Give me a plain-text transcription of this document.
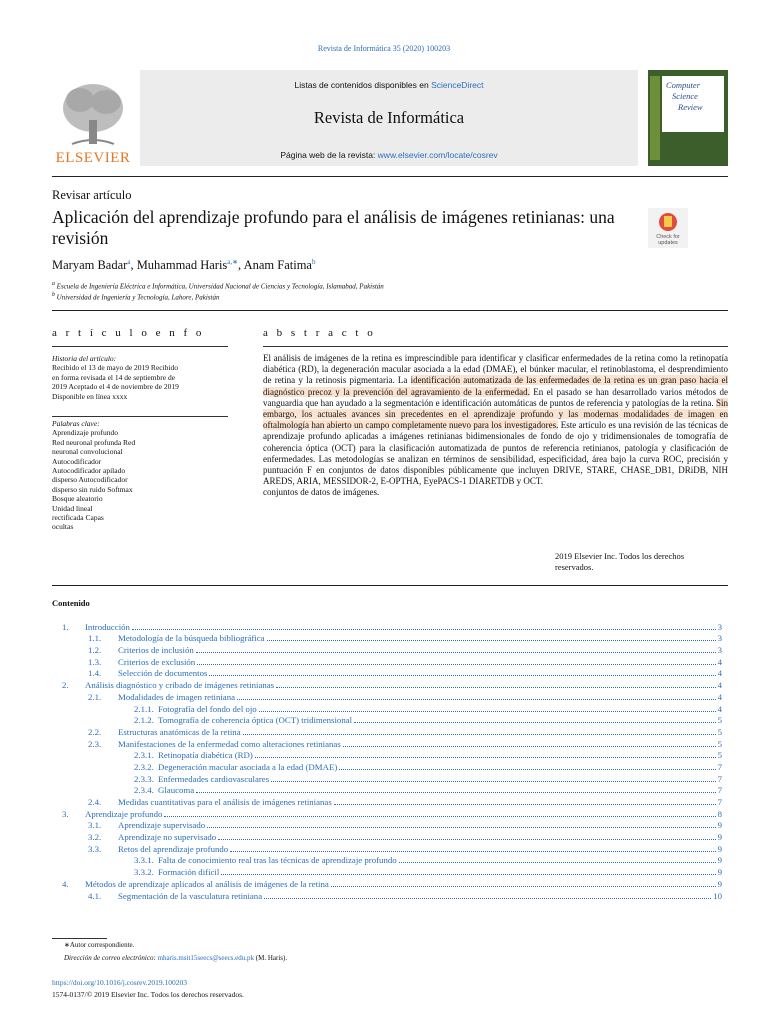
Revista de Informática 35 (2020) 100203
Listas de contenidos disponibles en ScienceDirect
Revista de Informática
Página web de la revista: www.elsevier.com/locate/cosrev
ELSEVIER
Computer
Science
Review
Revisar artículo
Aplicación del aprendizaje profundo para el análisis de imágenes retinianas: una revisión	Check for
updates
Maryam Badar$^a$, Muhammad Haris$^{a,∗}$, Anam Fatima$^b$
$^a$ Escuela de Ingeniería Eléctrica e Informática, Universidad Nacional de Ciencias y Tecnología, Islamabad, Pakistán
$^b$ Universidad de Ingeniería y Tecnología, Lahore, Pakistán
a r t í c u l o e n f o	a b s t r a c t o
Historia del artículo:
Recibido el 13 de mayo de 2019 Recibido
en forma revisada el 14 de septiembre de
2019 Aceptado el 4 de noviembre de 2019
Disponible en línea xxxx
Palabras clave:
Aprendizaje profundo
Red neuronal profunda Red
neuronal convolucional
Autocodificador
Autocodificador apilado
disperso Autocodificador
disperso sin ruido Softmax
Bosque aleatorio
Unidad lineal
rectificada Capas
ocultas
El análisis de imágenes de la retina es imprescindible para identificar y clasificar enfermedades de la retina como la retinopatía diabética (RD), la degeneración macular asociada a la edad (DMAE), el búnker macular, el retinoblastoma, el desprendimiento de retina y la retinosis pigmentaria. La identificación automatizada de las enfermedades de la retina es un gran paso hacia el diagnóstico precoz y la prevención del agravamiento de la enfermedad. En el pasado se han desarrollado varios métodos de vanguardia que han ayudado a la segmentación e identificación automáticas de puntos de referencia y patologías de la retina. Sin embargo, los actuales avances sin precedentes en el aprendizaje profundo y las modernas modalidades de imagen en oftalmología han abierto un campo completamente nuevo para los investigadores. Este artículo es una revisión de las técnicas de aprendizaje profundo aplicadas a imágenes retinianas bidimensionales de fondo de ojo y tridimensionales de tomografía de coherencia óptica (OCT) para la clasificación automatizada de puntos de referencia retinianos, patología y clasificación de enfermedades. Las metodologías se analizan en términos de sensibilidad, especificidad, área bajo la curva ROC, precisión y puntuación F en conjuntos de datos disponibles públicamente que incluyen DRIVE, STARE, CHASE_DB1, DRiDB, NIH AREDS, ARIA, MESSIDOR-2, E-OPTHA, EyePACS-1 DIARETDB y OCT.
conjuntos de datos de imágenes.
2019 Elsevier Inc. Todos los derechos reservados.
Contenido
1. Introducción	3
1.1. Metodología de la búsqueda bibliográfica	3
1.2. Criterios de inclusión	3
1.3. Criterios de exclusión	4
1.4. Selección de documentos	4
2. Análisis diagnóstico y cribado de imágenes retinianas	4
2.1. Modalidades de imagen retiniana	4
2.1.1. Fotografía del fondo del ojo	4
2.1.2. Tomografía de coherencia óptica (OCT) tridimensional	5
2.2. Estructuras anatómicas de la retina	5
2.3. Manifestaciones de la enfermedad como alteraciones retinianas	5
2.3.1. Retinopatía diabética (RD)	5
2.3.2. Degeneración macular asociada a la edad (DMAE)	7
2.3.3. Enfermedades cardiovasculares	7
2.3.4. Glaucoma	7
2.4. Medidas cuantitativas para el análisis de imágenes retinianas	7
3. Aprendizaje profundo	8
3.1. Aprendizaje supervisado	9
3.2. Aprendizaje no supervisado	9
3.3. Retos del aprendizaje profundo	9
3.3.1. Falta de conocimiento real tras las técnicas de aprendizaje profundo	9
3.3.2. Formación difícil	9
4. Métodos de aprendizaje aplicados al análisis de imágenes de la retina	9
4.1. Segmentación de la vasculatura retiniana	10
∗Autor correspondiente.
Dirección de correo electrónico: mharis.msit15seecs@seecs.edu.pk (M. Haris).
https://doi.org/10.1016/j.cosrev.2019.100203
1574-0137/© 2019 Elsevier Inc. Todos los derechos reservados.
